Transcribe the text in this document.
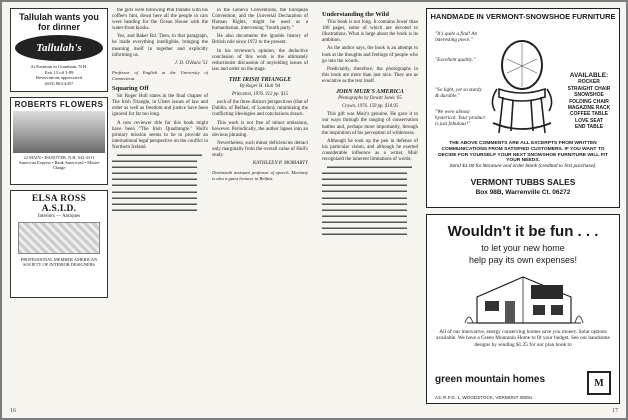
Tallulah wants you for dinner
Tallulah's
At Eastman in Grantham, N.H.
Exit 13 off I-89
Reservations appreciated
(603) 863-4457
ROBERTS FLOWERS
22 MAIN • HANOVER, N.H. 643-3311
American Express • Bank Americard • Master Charge
ELSA ROSS A.S.I.D.
Interiors — Antiques
PROFESSIONAL MEMBER AMERICAN SOCIETY OF INTERIOR DESIGNERS

the girls were following Phil Paradis with his coffee's hint, down here all the people in cars were heading for the Ocean House with the water-front kiosks.

Yes, and Baker Rd. Then, in that paragraph, he made everything intelligible, bringing the meaning itself in together and explicitly informing us.

J. D. O'Hara '51
Professor of English at the University of Connecticut.
Squaring Off

Sir Roger Hull states in the final chapter of The Irish Triangle, in Ulster issues of law and order as well as freedom and justice have been ignored for far too long.

A new reviewer title for this book might have been "The Irish Quadrangle." Hull's primary mission seems to be to provide an international legal perspective on the conflict in Northern Ireland.

▬▬▬▬▬▬▬▬▬▬▬▬▬▬▬▬▬ ▬▬▬▬▬▬▬▬▬▬▬▬▬▬▬▬▬ ▬▬▬▬▬▬▬▬▬▬▬▬▬▬▬▬▬ ▬▬▬▬▬▬▬▬▬▬▬▬▬▬▬▬▬ ▬▬▬▬▬▬▬▬▬▬▬▬▬▬▬▬▬ ▬▬▬▬▬▬▬▬▬▬▬▬▬▬▬▬▬ ▬▬▬▬▬▬▬▬▬▬▬▬▬▬▬▬▬ ▬▬▬▬▬▬▬▬▬▬▬▬▬▬▬▬▬ ▬▬▬▬▬▬▬▬▬▬▬▬▬▬▬▬▬ ▬▬▬▬▬▬▬▬▬▬▬▬▬▬▬▬▬

in the Geneva Conventions, the European Convention, and the Universal Declaration of Human Rights, might be used as a humanitarian, intervening "fourth party."

He also documents the ignoble history of British rule since 1972 to the present.

In his reviewer's opinion, the deductive conclusion of this work is the ultimately reductionist discussion of unyielding issues of law and order on the stage.

THE IRISH TRIANGLE
By Roger H. Hull '64
Princeton, 1976. 312 pp. $15

each of the three distinct perspectives (that of Dublin, of Belfast, of London), minimizing the conflicting ideologies and conclusions drawn.

This work is not free of minor omissions, however. Periodically, the author lapses into an obvious phrasing.

Nevertheless, such minor deficiencies detract only marginally from the overall value of Hull's study.

KATHLEEN P. MORIARTY
Dartmouth assistant professor of speech. Moriarty is also a guest lecturer in Belfast.
16
Understanding the Wild

This book is not long. It contains fewer than 100 pages, some of which are devoted to illustrations. What is large about the book is its ambition.

As the author says, the book is an attempt to look at the thoughts and feelings of people who go into the woods.

Predictably, therefore, the photographs in this book are more than just nice. They are as evocative as the text itself.

JOHN MUIR'S AMERICA
Photographs by Dewitt Jones '65
Crown, 1976. 159 pp. $18.95

This gift was Muir's genuine. He gave it to our ways through the ranging of conservation battles and, perhaps more importantly, through the inspiration of his perception of wilderness.

Although he took up the pen in defense of his particular vision, and although he exerted considerable influence as a writer, Muir recognized the inherent limitations of words.

▬▬▬▬▬▬▬▬▬▬▬▬▬▬▬▬▬ ▬▬▬▬▬▬▬▬▬▬▬▬▬▬▬▬▬ ▬▬▬▬▬▬▬▬▬▬▬▬▬▬▬▬▬ ▬▬▬▬▬▬▬▬▬▬▬▬▬▬▬▬▬ ▬▬▬▬▬▬▬▬▬▬▬▬▬▬▬▬▬ ▬▬▬▬▬▬▬▬▬▬▬▬▬▬▬▬▬ ▬▬▬▬▬▬▬▬▬▬▬▬▬▬▬▬▬ ▬▬▬▬▬▬▬▬▬▬▬▬▬▬▬▬▬ ▬▬▬▬▬▬▬▬▬▬▬▬▬▬▬▬▬ ▬▬▬▬▬▬▬▬▬▬▬▬▬▬▬▬▬ ▬▬▬▬▬▬▬▬▬▬▬▬▬▬▬▬▬ ▬▬▬▬▬▬▬▬▬▬▬▬▬▬▬▬▬

HANDMADE IN VERMONT-SNOWSHOE FURNITURE
"It's quite a find! An interesting piece."
"Excellent quality."
"So light, yet so sturdy & durable."
"We were almost hysterical. Your product is just fabulous!"
AVAILABLE:
ROCKER
STRAIGHT CHAIR
SNOWSHOE FOLDING CHAIR
MAGAZINE RACK
COFFEE TABLE
LOVE SEAT
END TABLE
THE ABOVE COMMENTS ARE ALL EXCERPTS FROM WRITTEN COMMUNICATIONS FROM SATISFIED CUSTOMERS. IF YOU WANT TO DECIDE FOR YOURSELF YOUR NEXT SNOWSHOE FURNITURE WILL FIT YOUR NEEDS.
Send $1.00 for literature and order blank (credited to first purchase).
VERMONT TUBBS SALES
Box 98B, Warrenville Ct. 06272
Wouldn't it be fun . . .
to let your new home
help pay its own expenses!
All of our innovative, energy conserving homes save you money. Solar options available. We have a Green Mountain Home to fit your budget. See our handsome designs by sending $1.25 for our plan book to
green mountain homes
A3, R.F.D. 1, WOODSTOCK, VERMONT 05091
M
17
